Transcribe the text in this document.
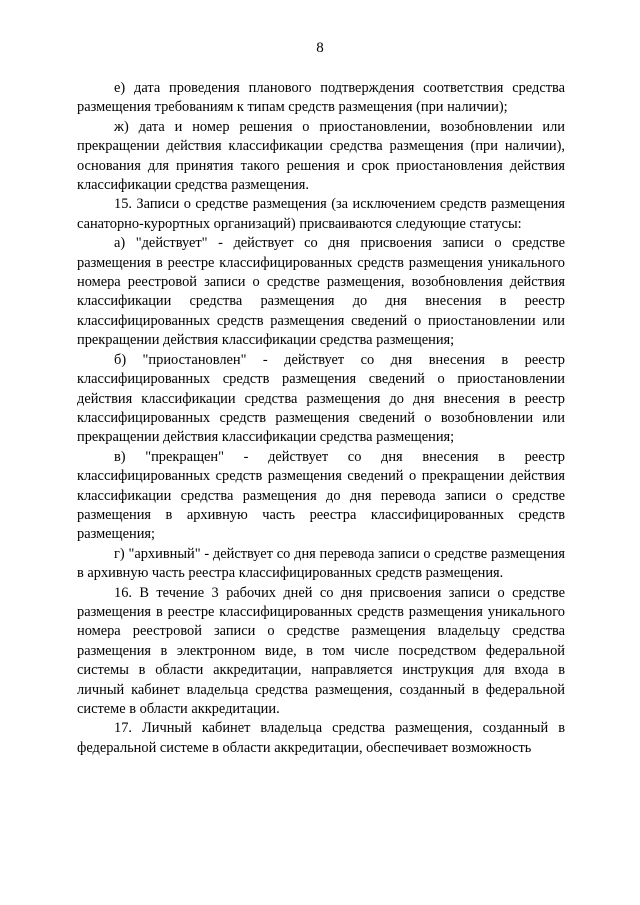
8

е) дата проведения планового подтверждения соответствия средства размещения требованиям к типам средств размещения (при наличии);

ж) дата и номер решения о приостановлении, возобновлении или прекращении действия классификации средства размещения (при наличии), основания для принятия такого решения и срок приостановления действия классификации средства размещения.

15. Записи о средстве размещения (за исключением средств размещения санаторно-курортных организаций) присваиваются следующие статусы:

а) "действует" - действует со дня присвоения записи о средстве размещения в реестре классифицированных средств размещения уникального номера реестровой записи о средстве размещения, возобновления действия классификации средства размещения до дня внесения в реестр классифицированных средств размещения сведений о приостановлении или прекращении действия классификации средства размещения;

б) "приостановлен" - действует со дня внесения в реестр классифицированных средств размещения сведений о приостановлении действия классификации средства размещения до дня внесения в реестр классифицированных средств размещения сведений о возобновлении или прекращении действия классификации средства размещения;

в) "прекращен" - действует со дня внесения в реестр классифицированных средств размещения сведений о прекращении действия классификации средства размещения до дня перевода записи о средстве размещения в архивную часть реестра классифицированных средств размещения;

г) "архивный" - действует со дня перевода записи о средстве размещения в архивную часть реестра классифицированных средств размещения.

16. В течение 3 рабочих дней со дня присвоения записи о средстве размещения в реестре классифицированных средств размещения уникального номера реестровой записи о средстве размещения владельцу средства размещения в электронном виде, в том числе посредством федеральной системы в области аккредитации, направляется инструкция для входа в личный кабинет владельца средства размещения, созданный в федеральной системе в области аккредитации.

17. Личный кабинет владельца средства размещения, созданный в федеральной системе в области аккредитации, обеспечивает возможность
